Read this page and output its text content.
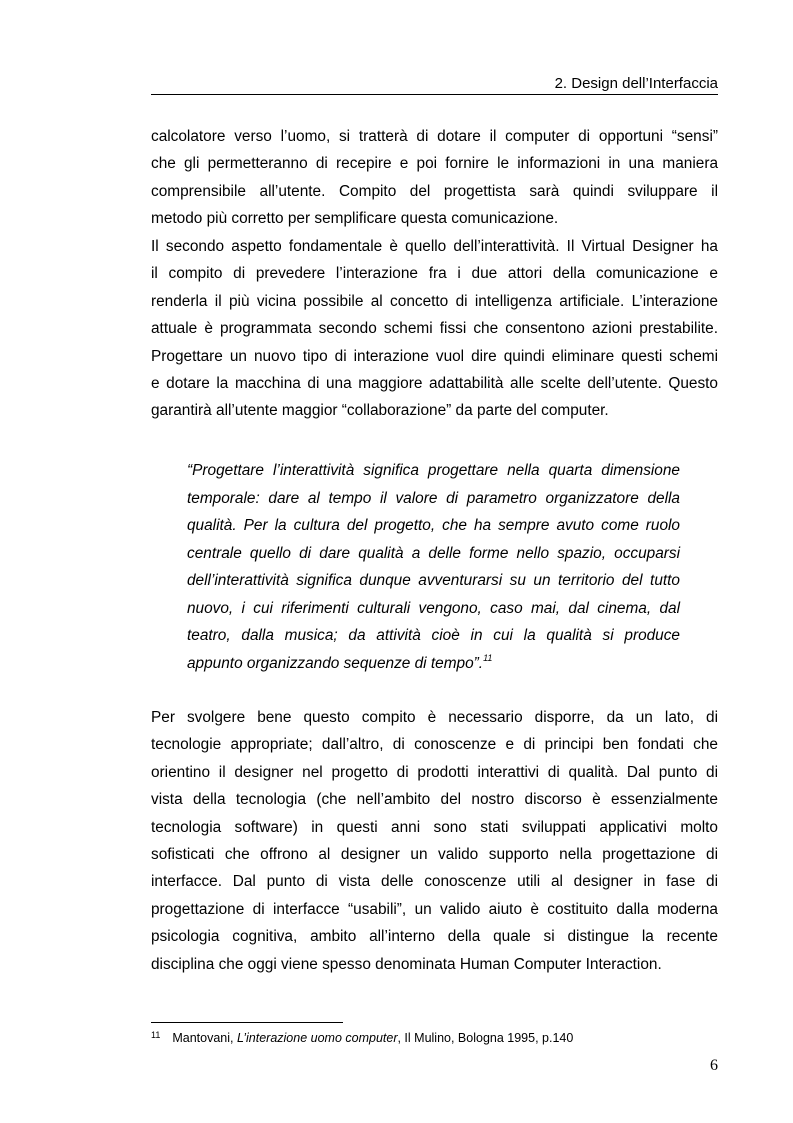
2. Design dell’Interfaccia
calcolatore verso l’uomo, si tratterà di dotare il computer di opportuni “sensi”
che gli permetteranno di recepire e poi fornire le informazioni in una maniera
comprensibile all’utente. Compito del progettista sarà quindi sviluppare il
metodo più corretto per semplificare questa comunicazione.
Il secondo aspetto fondamentale è quello dell’interattività. Il Virtual Designer ha
il compito di prevedere l’interazione fra i due attori della comunicazione e
renderla il più vicina possibile al concetto di intelligenza artificiale. L’interazione
attuale è programmata secondo schemi fissi che consentono azioni prestabilite.
Progettare un nuovo tipo di interazione vuol dire quindi eliminare questi schemi
e dotare la macchina di una maggiore adattabilità alle scelte dell’utente. Questo
garantirà all’utente maggior “collaborazione” da parte del computer.
“Progettare l’interattività significa progettare nella quarta dimensione
temporale: dare al tempo il valore di parametro organizzatore della
qualità. Per la cultura del progetto, che ha sempre avuto come ruolo
centrale quello di dare qualità a delle forme nello spazio, occuparsi
dell’interattività significa dunque avventurarsi su un territorio del tutto
nuovo, i cui riferimenti culturali vengono, caso mai, dal cinema, dal
teatro, dalla musica; da attività cioè in cui la qualità si produce
appunto organizzando sequenze di tempo”.$^{11}$
Per svolgere bene questo compito è necessario disporre, da un lato, di
tecnologie appropriate; dall’altro, di conoscenze e di principi ben fondati che
orientino il designer nel progetto di prodotti interattivi di qualità. Dal punto di
vista della tecnologia (che nell’ambito del nostro discorso è essenzialmente
tecnologia software) in questi anni sono stati sviluppati applicativi molto
sofisticati che offrono al designer un valido supporto nella progettazione di
interfacce. Dal punto di vista delle conoscenze utili al designer in fase di
progettazione di interfacce “usabili”, un valido aiuto è costituito dalla moderna
psicologia cognitiva, ambito all’interno della quale si distingue la recente
disciplina che oggi viene spesso denominata Human Computer Interaction.
$^{11}$ Mantovani, L’interazione uomo computer, Il Mulino, Bologna 1995, p.140
6
